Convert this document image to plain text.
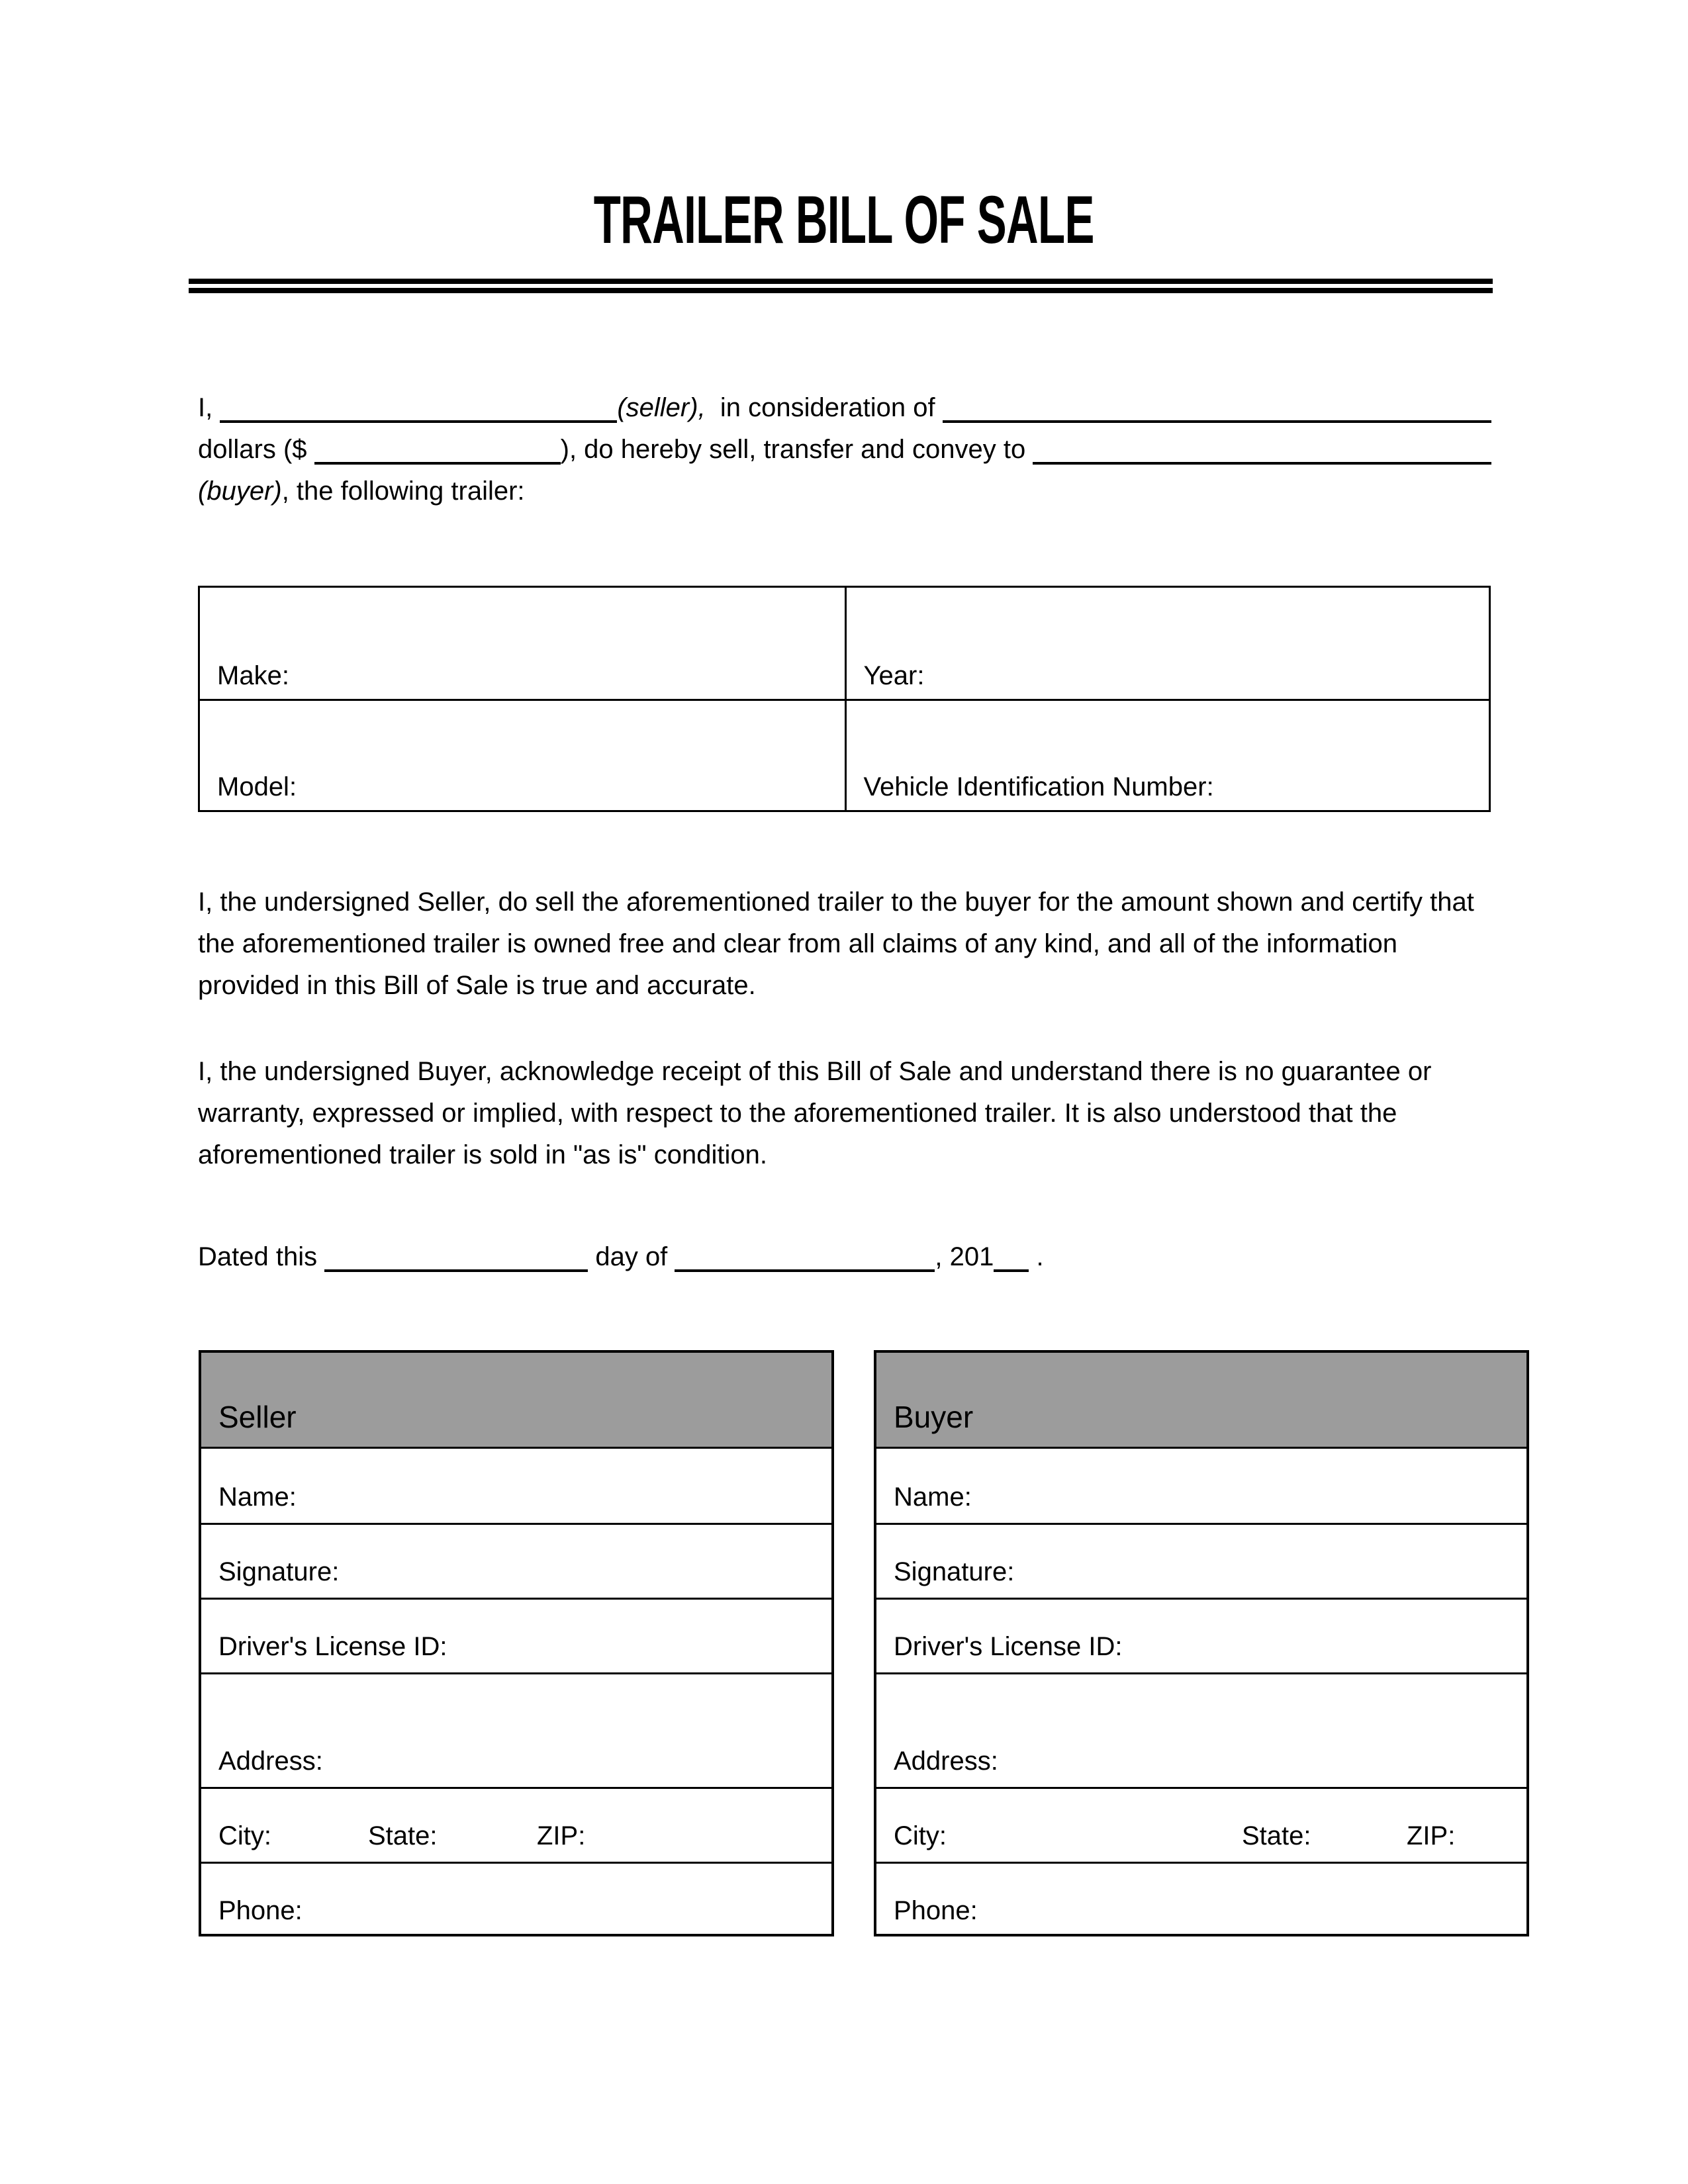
TRAILER BILL OF SALE
I,	(seller), in consideration of
dollars ($	), do hereby sell, transfer and convey to
(buyer) , the following trailer:
Make:	Year:
Model:	Vehicle Identification Number:
I, the undersigned Seller, do sell the aforementioned trailer to the buyer for the amount shown and certify that the aforementioned trailer is owned free and clear from all claims of any kind, and all of the information provided in this Bill of Sale is true and accurate.
I, the undersigned Buyer, acknowledge receipt of this Bill of Sale and understand there is no guarantee or warranty, expressed or implied, with respect to the aforementioned trailer. It is also understood that the aforementioned trailer is sold in "as is" condition.
Dated this	day of	, 201 .
Seller
Name:
Signature:
Driver's License ID:
Address:
City:	State:	ZIP:
Phone:
Buyer
Name:
Signature:
Driver's License ID:
Address:
City:	State:	ZIP:
Phone:
